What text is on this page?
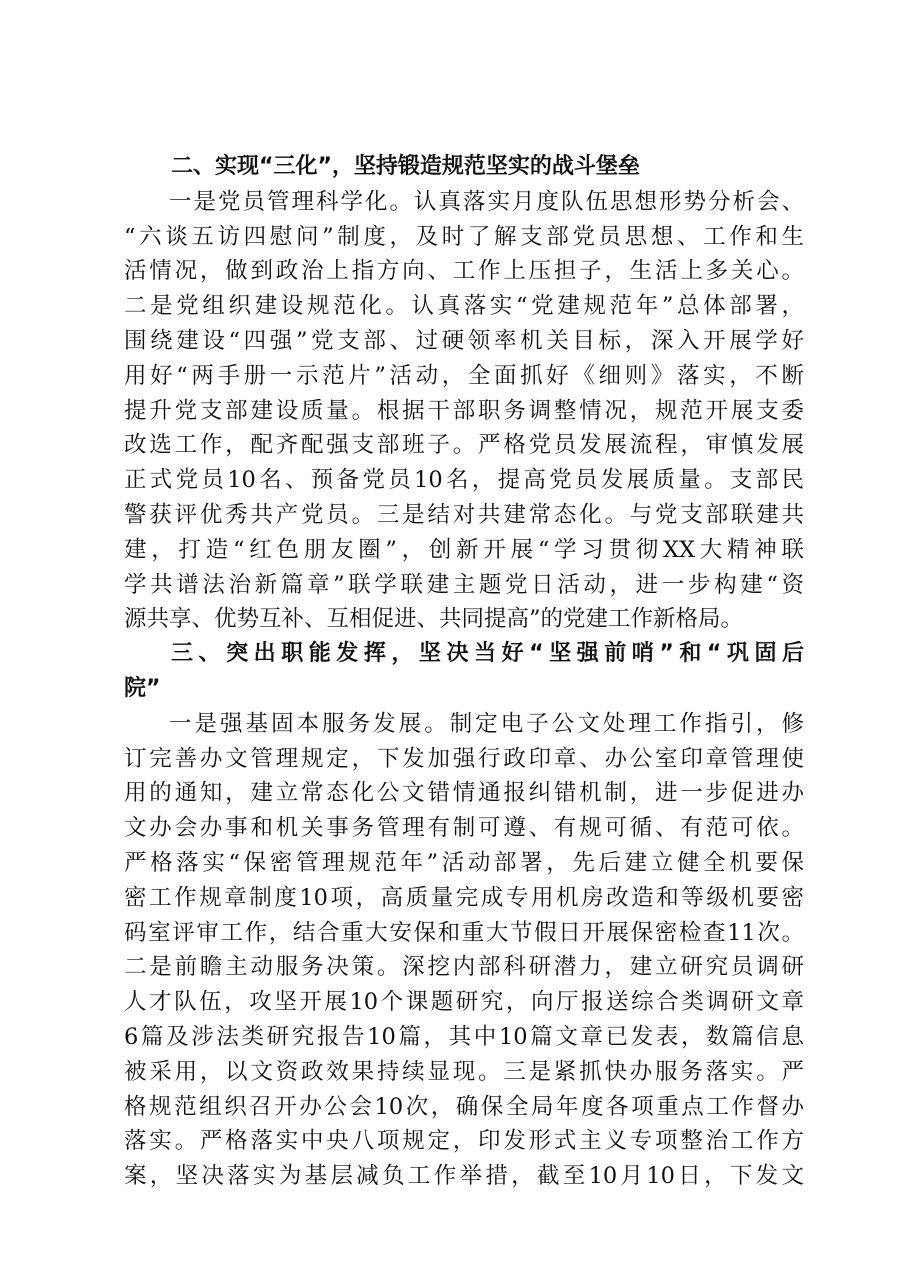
二、实现“三化”，坚持锻造规范坚实的战斗堡垒
一是党员管理科学化。认真落实月度队伍思想形势分析会、
“六谈五访四慰问”制度，及时了解支部党员思想、工作和生
活情况，做到政治上指方向、工作上压担子，生活上多关心。
二是党组织建设规范化。认真落实“党建规范年”总体部署，
围绕建设“四强”党支部、过硬领率机关目标，深入开展学好
用好“两手册一示范片”活动，全面抓好《细则》落实，不断
提升党支部建设质量。根据干部职务调整情况，规范开展支委
改选工作，配齐配强支部班子。严格党员发展流程，审慎发展
正式党员10名、预备党员10名，提高党员发展质量。支部民
警获评优秀共产党员。三是结对共建常态化。与党支部联建共
建，打造“红色朋友圈”，创新开展“学习贯彻XX大精神联
学共谱法治新篇章”联学联建主题党日活动，进一步构建“资
源共享、优势互补、互相促进、共同提高”的党建工作新格局。
三、突出职能发挥，坚决当好“坚强前哨”和“巩固后
院”
一是强基固本服务发展。制定电子公文处理工作指引，修
订完善办文管理规定，下发加强行政印章、办公室印章管理使
用的通知，建立常态化公文错情通报纠错机制，进一步促进办
文办会办事和机关事务管理有制可遵、有规可循、有范可依。
严格落实“保密管理规范年”活动部署，先后建立健全机要保
密工作规章制度10项，高质量完成专用机房改造和等级机要密
码室评审工作，结合重大安保和重大节假日开展保密检查11次。
二是前瞻主动服务决策。深挖内部科研潜力，建立研究员调研
人才队伍，攻坚开展10个课题研究，向厅报送综合类调研文章
6篇及涉法类研究报告10篇，其中10篇文章已发表，数篇信息
被采用，以文资政效果持续显现。三是紧抓快办服务落实。严
格规范组织召开办公会10次，确保全局年度各项重点工作督办
落实。严格落实中央八项规定，印发形式主义专项整治工作方
案，坚决落实为基层减负工作举措，截至10月10日，下发文
